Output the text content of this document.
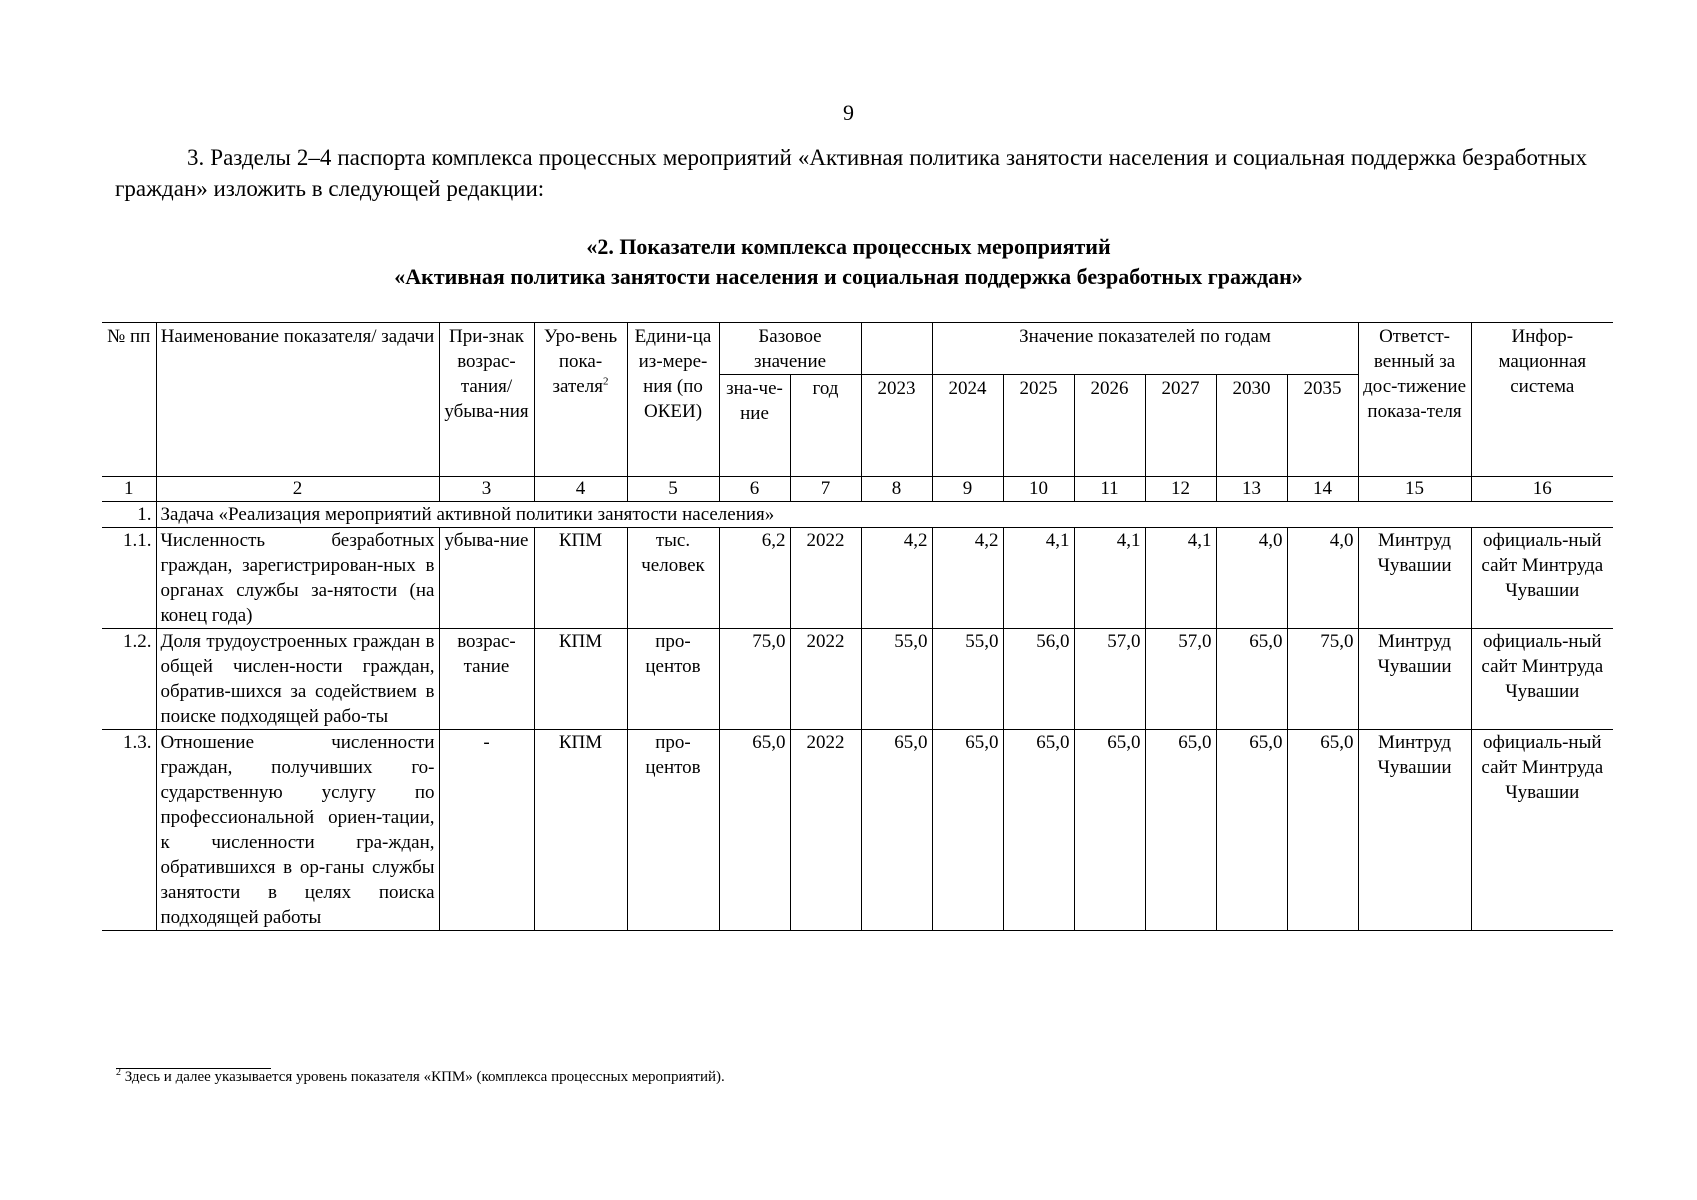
9
3. Разделы 2–4 паспорта комплекса процессных мероприятий «Активная политика занятости населения и социальная поддержка безработных граждан» изложить в следующей редакции:
«2. Показатели комплекса процессных мероприятий
«Активная политика занятости населения и социальная поддержка безработных граждан»
№ пп	Наименование показателя/ задачи	При-знак возрас-тания/ убыва-ния	Уро-вень пока-зателя$^2$	Едини-ца из-мере-ния (по ОКЕИ)	Базовое значение			Значение показателей по годам						Ответст-венный за дос-тижение показа-теля	Инфор-мационная система
					зна-че-ние	год	2023	2024	2025	2026	2027	2030	2035		
1	2	3	4	5	6	7	8	9	10	11	12	13	14	15	16
1.	Задача «Реализация мероприятий активной политики занятости населения»														
1.1.	Численность безработных граждан, зарегистрирован-ных в органах службы за-нятости (на конец года)	убыва-ние	КПМ	тыс. человек	6,2	2022	4,2	4,2	4,1	4,1	4,1	4,0	4,0	Минтруд Чувашии	официаль-ный сайт Минтруда Чувашии
1.2.	Доля трудоустроенных граждан в общей числен-ности граждан, обратив-шихся за содействием в поиске подходящей рабо-ты	возрас-тание	КПМ	про-центов	75,0	2022	55,0	55,0	56,0	57,0	57,0	65,0	75,0	Минтруд Чувашии	официаль-ный сайт Минтруда Чувашии
1.3.	Отношение численности граждан, получивших го-сударственную услугу по профессиональной ориен-тации, к численности гра-ждан, обратившихся в ор-ганы службы занятости в целях поиска подходящей работы	-	КПМ	про-центов	65,0	2022	65,0	65,0	65,0	65,0	65,0	65,0	65,0	Минтруд Чувашии	официаль-ный сайт Минтруда Чувашии
$^2$ Здесь и далее указывается уровень показателя «КПМ» (комплекса процессных мероприятий).
